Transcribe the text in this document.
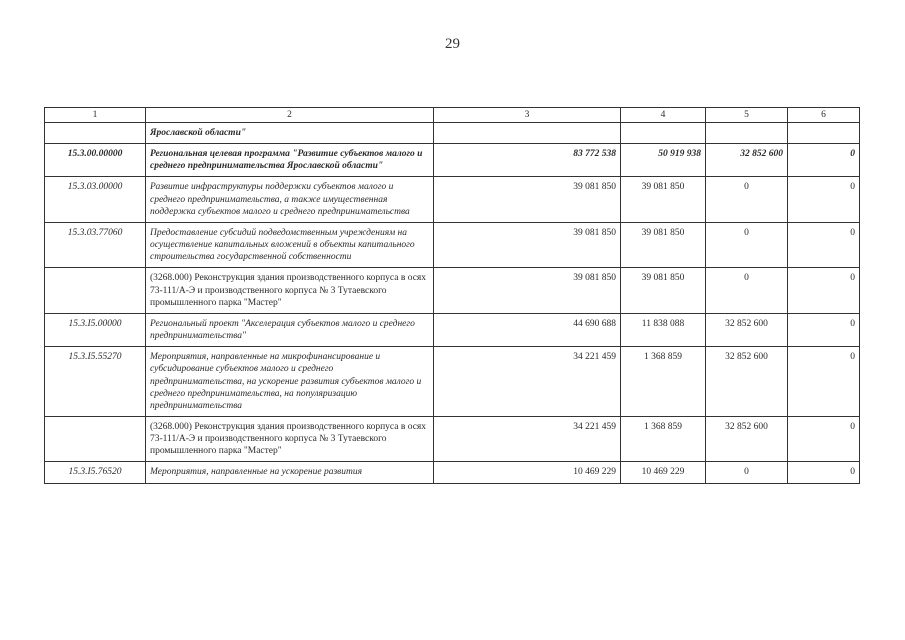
29
1	2	3	4	5	6
	Ярославской области"				
15.3.00.00000	Региональная целевая программа "Развитие субъектов малого и среднего предпринимательства Ярославской области"	83 772 538	50 919 938	32 852 600	0
15.3.03.00000	Развитие инфраструктуры поддержки субъектов малого и среднего предпринимательства, а также имущественная поддержка субъектов малого и среднего предпринимательства	39 081 850	39 081 850	0	0
15.3.03.77060	Предоставление субсидий подведомственным учреждениям на осуществление капитальных вложений в объекты капитального строительства государственной собственности	39 081 850	39 081 850	0	0
	(3268.000) Реконструкция здания производственного корпуса в осях 73-111/А-Э и производственного корпуса № 3 Тутаевского промышленного парка "Мастер"	39 081 850	39 081 850	0	0
15.3.I5.00000	Региональный проект "Акселерация субъектов малого и среднего предпринимательства"	44 690 688	11 838 088	32 852 600	0
15.3.I5.55270	Мероприятия, направленные на микрофинансирование и субсидирование субъектов малого и среднего предпринимательства, на ускорение развития субъектов малого и среднего предпринимательства, на популяризацию предпринимательства	34 221 459	1 368 859	32 852 600	0
	(3268.000) Реконструкция здания производственного корпуса в осях 73-111/А-Э и производственного корпуса № 3 Тутаевского промышленного парка "Мастер"	34 221 459	1 368 859	32 852 600	0
15.3.I5.76520	Мероприятия, направленные на ускорение развития	10 469 229	10 469 229	0	0
